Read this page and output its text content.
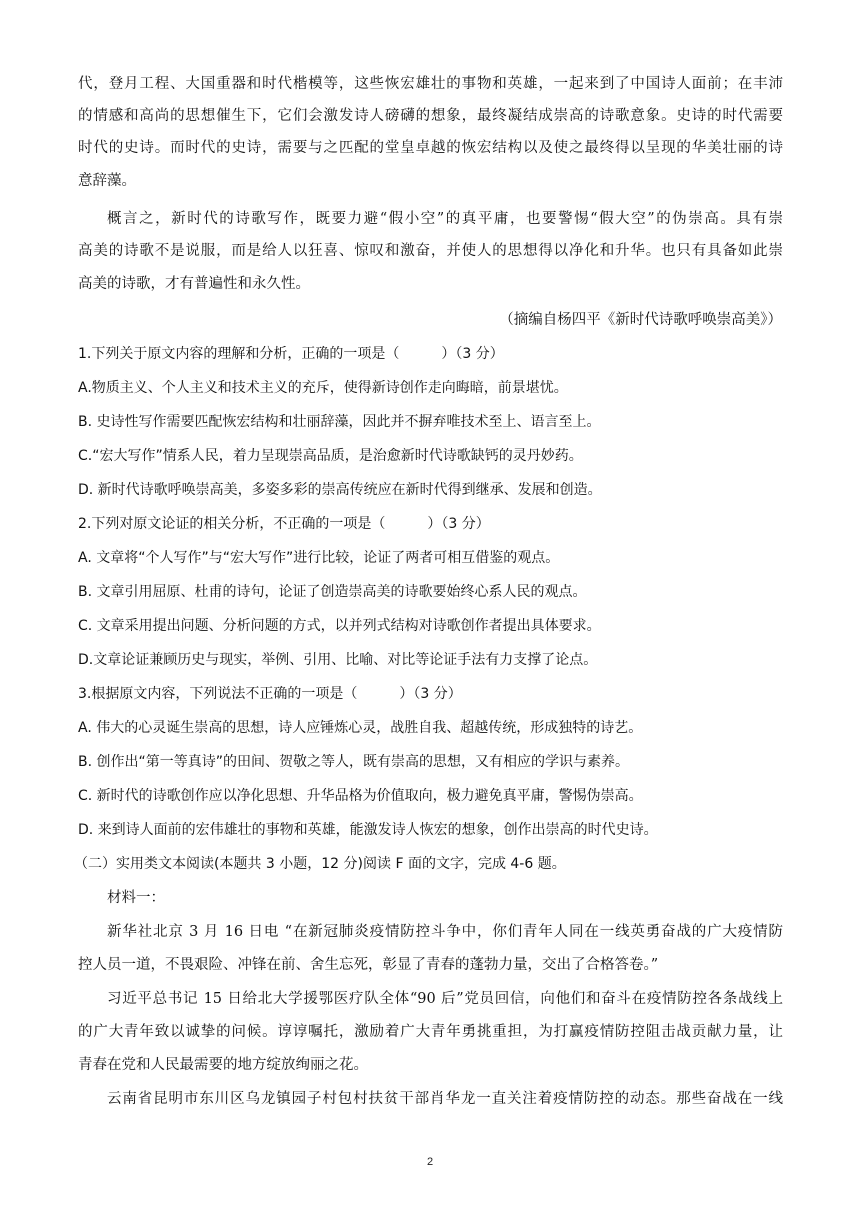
代，登月工程、大国重器和时代楷模等，这些恢宏雄壮的事物和英雄，一起来到了中国诗人面前；在丰沛
的情感和高尚的思想催生下，它们会激发诗人磅礴的想象，最终凝结成崇高的诗歌意象。史诗的时代需要
时代的史诗。而时代的史诗，需要与之匹配的堂皇卓越的恢宏结构以及使之最终得以呈现的华美壮丽的诗
意辞藻。
概言之，新时代的诗歌写作，既要力避“假小空”的真平庸，也要警惕“假大空”的伪崇高。具有崇
高美的诗歌不是说服，而是给人以狂喜、惊叹和激奋，并使人的思想得以净化和升华。也只有具备如此崇
高美的诗歌，才有普遍性和永久性。
（摘编自杨四平《新时代诗歌呼唤崇高美》）
1.下列关于原文内容的理解和分析，正确的一项是（　　　）（3 分）
A.物质主义、个人主义和技术主义的充斥，使得新诗创作走向晦暗，前景堪忧。
B. 史诗性写作需要匹配恢宏结构和壮丽辞藻，因此并不摒弃唯技术至上、语言至上。
C.“宏大写作”情系人民，着力呈现崇高品质，是治愈新时代诗歌缺钙的灵丹妙药。
D. 新时代诗歌呼唤崇高美，多姿多彩的崇高传统应在新时代得到继承、发展和创造。
2.下列对原文论证的相关分析，不正确的一项是（　　　）（3 分）
A. 文章将“个人写作”与“宏大写作”进行比较，论证了两者可相互借鉴的观点。
B. 文章引用屈原、杜甫的诗句，论证了创造崇高美的诗歌要始终心系人民的观点。
C. 文章采用提出问题、分析问题的方式，以并列式结构对诗歌创作者提出具体要求。
D.文章论证兼顾历史与现实，举例、引用、比喻、对比等论证手法有力支撑了论点。
3.根据原文内容，下列说法不正确的一项是（　　　）（3 分）
A. 伟大的心灵诞生崇高的思想，诗人应锤炼心灵，战胜自我、超越传统，形成独特的诗艺。
B. 创作出“第一等真诗”的田间、贺敬之等人，既有崇高的思想，又有相应的学识与素养。
C. 新时代的诗歌创作应以净化思想、升华品格为价值取向，极力避免真平庸，警惕伪崇高。
D. 来到诗人面前的宏伟雄壮的事物和英雄，能激发诗人恢宏的想象，创作出崇高的时代史诗。
（二）实用类文本阅读(本题共 3 小题，12 分)阅读 F 面的文字，完成 4-6 题。
材料一：
新华社北京 3 月 16 日电 “在新冠肺炎疫情防控斗争中，你们青年人同在一线英勇奋战的广大疫情防
控人员一道，不畏艰险、冲锋在前、舍生忘死，彰显了青春的蓬勃力量，交出了合格答卷。”
习近平总书记 15 日给北大学援鄂医疗队全体“90 后”党员回信，向他们和奋斗在疫情防控各条战线上
的广大青年致以诚挚的问候。谆谆嘱托，激励着广大青年勇挑重担，为打赢疫情防控阻击战贡献力量，让
青春在党和人民最需要的地方绽放绚丽之花。
云南省昆明市东川区乌龙镇园子村包村扶贫干部肖华龙一直关注着疫情防控的动态。那些奋战在一线
2
